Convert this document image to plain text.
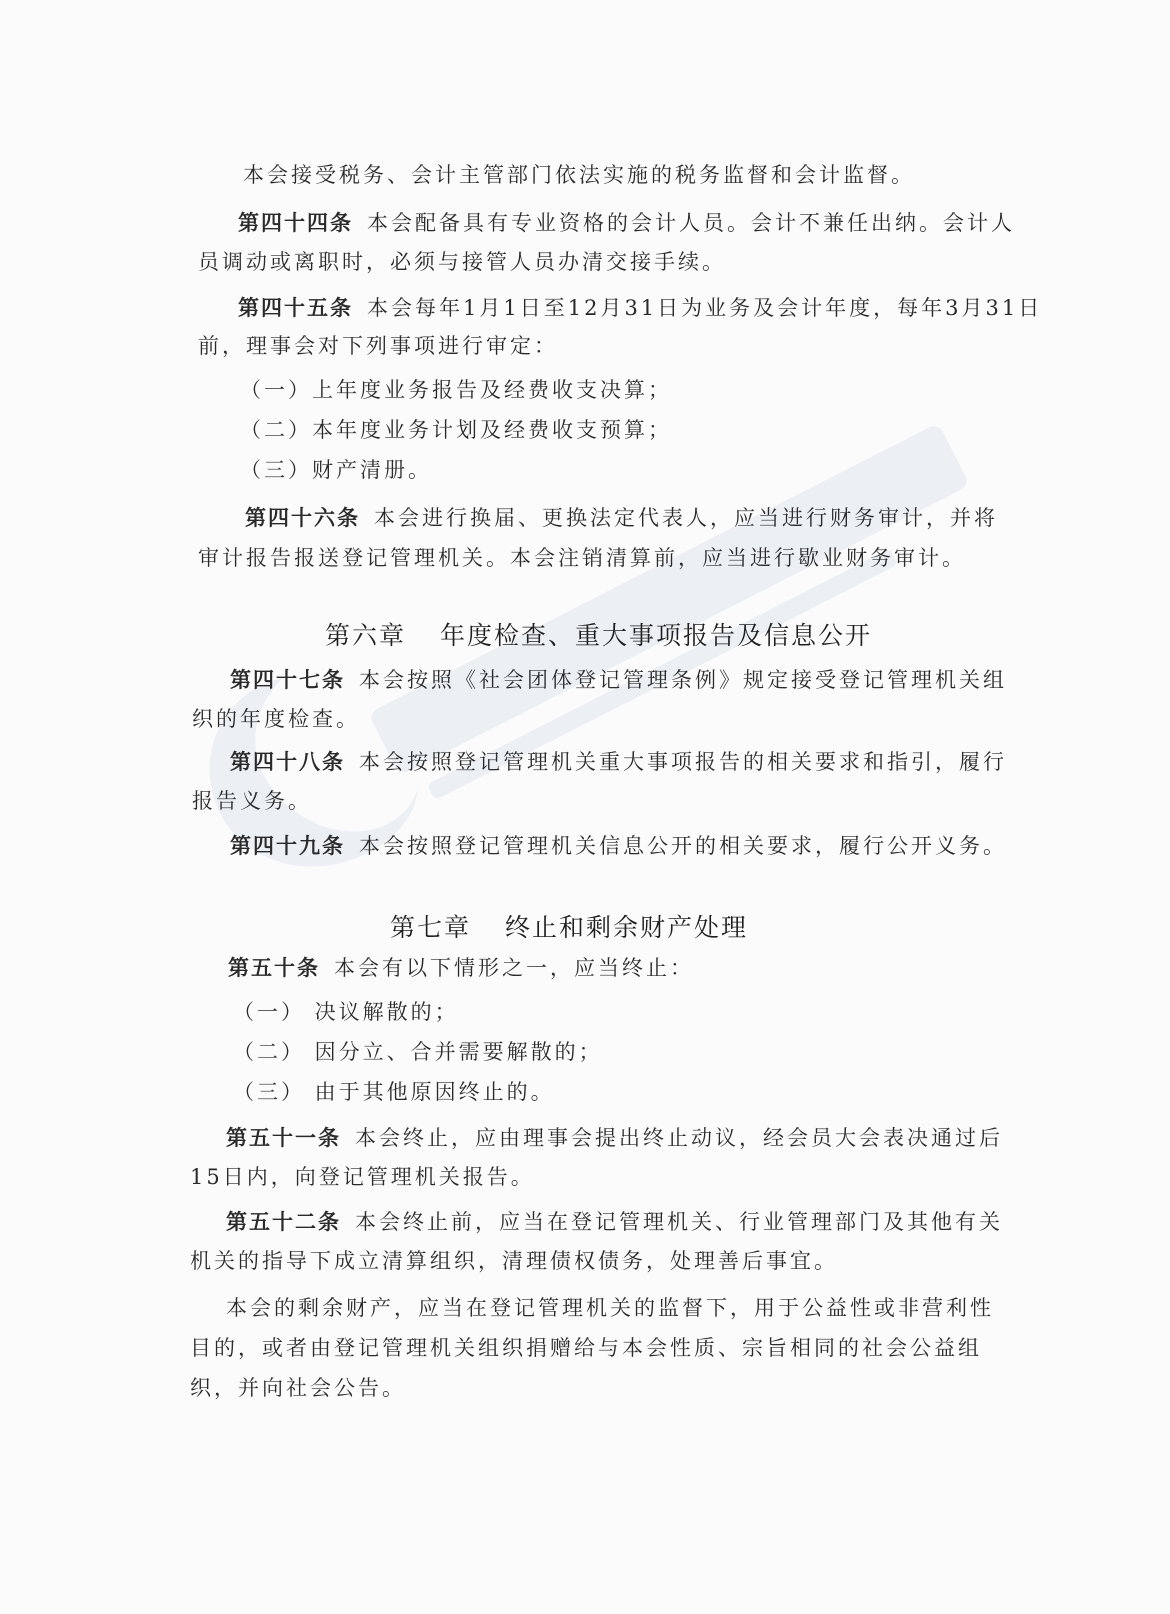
本会接受税务、会计主管部门依法实施的税务监督和会计监督。
第四十四条 本会配备具有专业资格的会计人员。会计不兼任出纳。会计人
员调动或离职时，必须与接管人员办清交接手续。
第四十五条 本会每年1月1日至12月31日为业务及会计年度，每年3月31日
前，理事会对下列事项进行审定：
（一）上年度业务报告及经费收支决算；
（二）本年度业务计划及经费收支预算；
（三）财产清册。
第四十六条 本会进行换届、更换法定代表人，应当进行财务审计，并将
审计报告报送登记管理机关。本会注销清算前，应当进行歇业财务审计。
第六章 年度检查、重大事项报告及信息公开
第四十七条 本会按照《社会团体登记管理条例》规定接受登记管理机关组
织的年度检查。
第四十八条 本会按照登记管理机关重大事项报告的相关要求和指引，履行
报告义务。
第四十九条 本会按照登记管理机关信息公开的相关要求，履行公开义务。
第七章 终止和剩余财产处理
第五十条 本会有以下情形之一，应当终止：
（一） 决议解散的；
（二） 因分立、合并需要解散的；
（三） 由于其他原因终止的。
第五十一条 本会终止，应由理事会提出终止动议，经会员大会表决通过后
15日内，向登记管理机关报告。
第五十二条 本会终止前，应当在登记管理机关、行业管理部门及其他有关
机关的指导下成立清算组织，清理债权债务，处理善后事宜。
本会的剩余财产，应当在登记管理机关的监督下，用于公益性或非营利性
目的，或者由登记管理机关组织捐赠给与本会性质、宗旨相同的社会公益组
织，并向社会公告。
